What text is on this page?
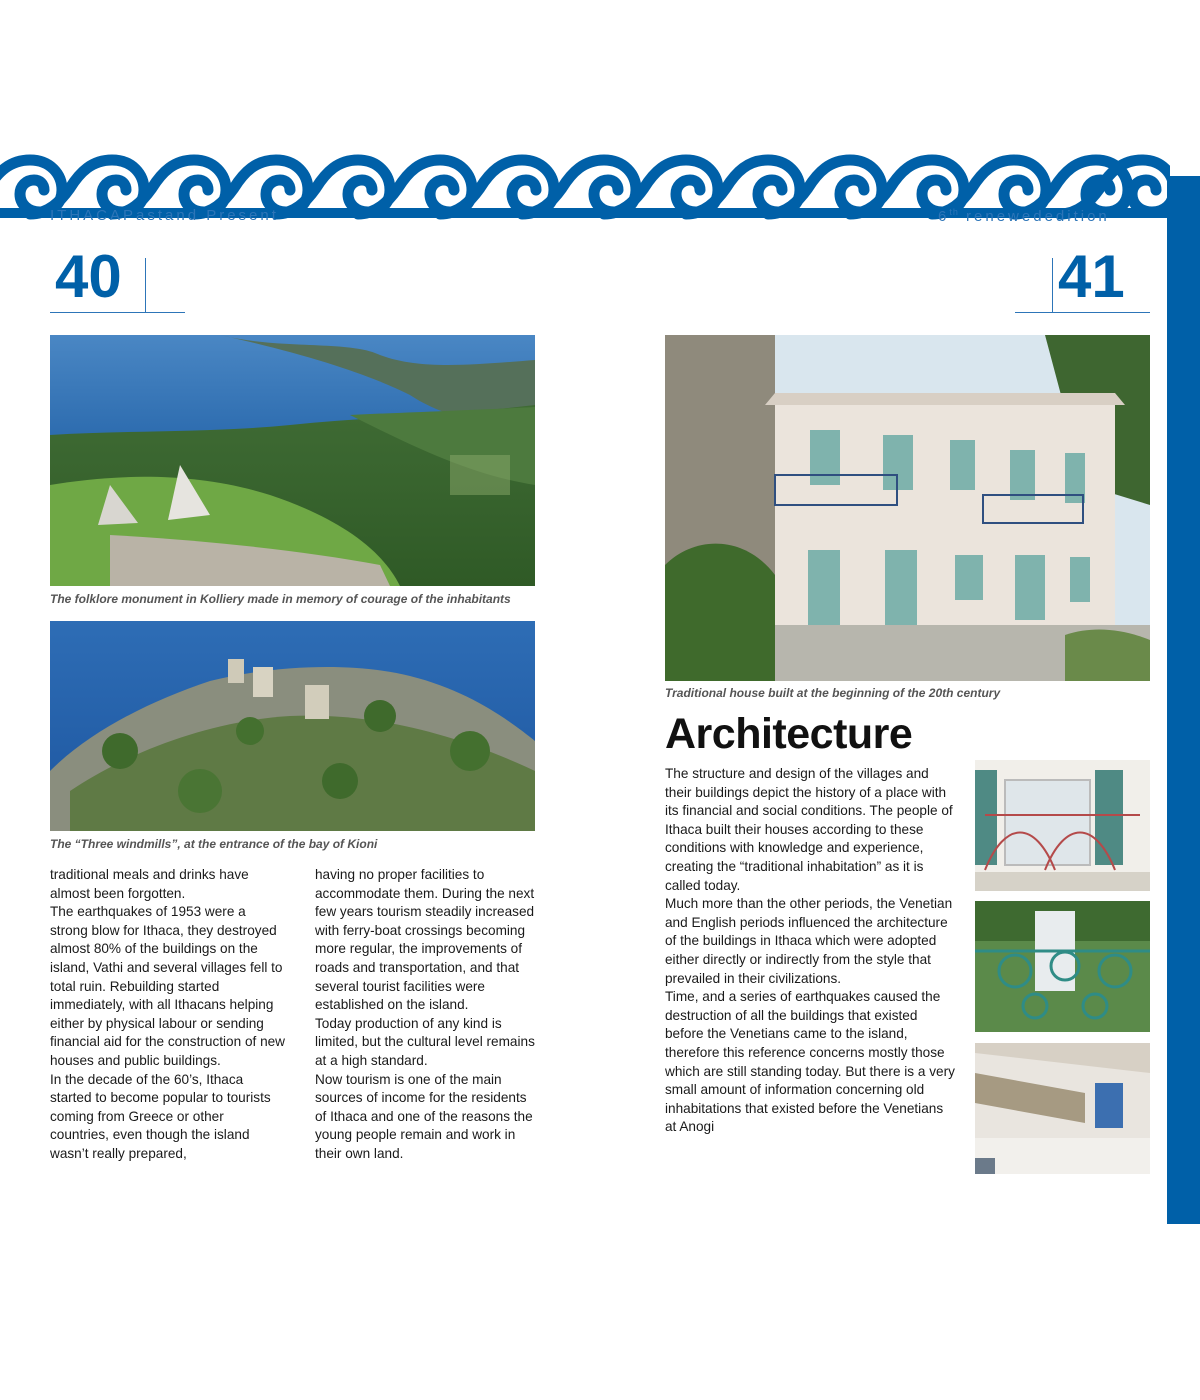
ITHACAPastand Present	6th renewededition
40	41
The folklore monument in Kolliery made in memory of courage of the inhabitants
The “Three windmills”, at the entrance of the bay of Kioni

traditional meals and drinks have almost been forgotten.

The earthquakes of 1953 were a strong blow for Ithaca, they destroyed almost 80% of the buildings on the island, Vathi and several villages fell to total ruin. Rebuilding started immediately, with all Ithacans helping either by physical labour or sending financial aid for the construction of new houses and public buildings.

In the decade of the 60’s, Ithaca started to become popular to tourists coming from Greece or other countries, even though the island wasn’t really prepared,

having no proper facilities to accommodate them. During the next few years tourism steadily increased with ferry-boat crossings becoming more regular, the improvements of roads and transportation, and that several tourist facilities were established on the island.

Today production of any kind is limited, but the cultural level remains at a high standard.

Now tourism is one of the main sources of income for the residents of Ithaca and one of the reasons the young people remain and work in their own land.

Traditional house built at the beginning of the 20th century
Architecture

The structure and design of the villages and their buildings depict the history of a place with its financial and social conditions. The people of Ithaca built their houses according to these conditions with knowledge and experience, creating the “traditional inhabitation” as it is called today.

Much more than the other periods, the Venetian and English periods influenced the architecture of the buildings in Ithaca which were adopted either directly or indirectly from the style that prevailed in their civilizations.

Time, and a series of earthquakes caused the destruction of all the buildings that existed before the Venetians came to the island, therefore this reference concerns mostly those which are still standing today. But there is a very small amount of information concerning old inhabitations that existed before the Venetians at Anogi
